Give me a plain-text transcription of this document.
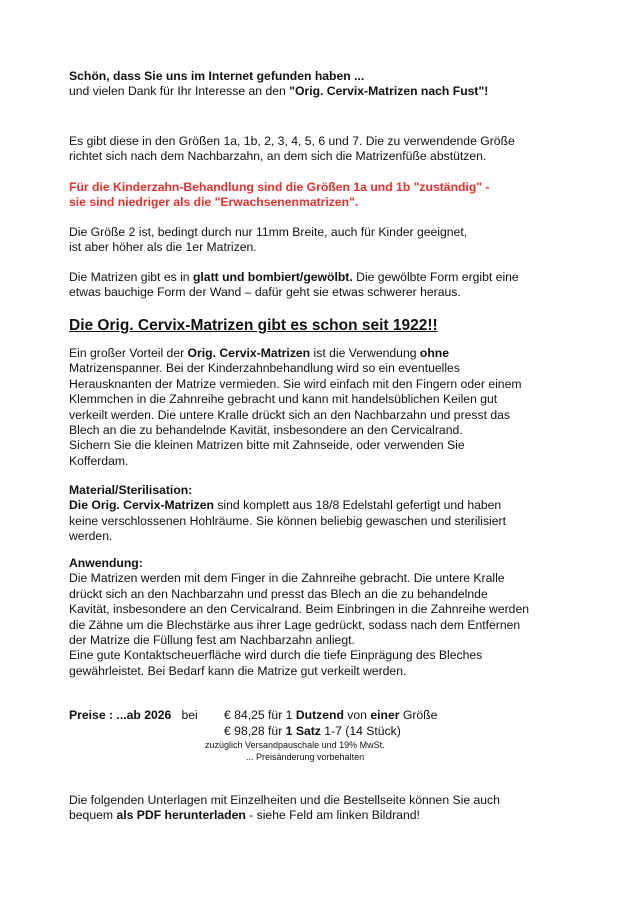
Schön, dass Sie uns im Internet gefunden haben ...
und vielen Dank für Ihr Interesse an den "Orig. Cervix-Matrizen nach Fust"!

Es gibt diese in den Größen 1a, 1b, 2, 3, 4, 5, 6 und 7. Die zu verwendende Größe
richtet sich nach dem Nachbarzahn, an dem sich die Matrizenfüße abstützen.

Für die Kinderzahn-Behandlung sind die Größen 1a und 1b "zuständig" -
sie sind niedriger als die "Erwachsenenmatrizen".

Die Größe 2 ist, bedingt durch nur 11mm Breite, auch für Kinder geeignet,
ist aber höher als die 1er Matrizen.

Die Matrizen gibt es in glatt und bombiert/gewölbt. Die gewölbte Form ergibt eine
etwas bauchige Form der Wand – dafür geht sie etwas schwerer heraus.

Die Orig. Cervix-Matrizen gibt es schon seit 1922!!

Ein großer Vorteil der Orig. Cervix-Matrizen ist die Verwendung ohne
Matrizenspanner. Bei der Kinderzahnbehandlung wird so ein eventuelles
Herausknanten der Matrize vermieden. Sie wird einfach mit den Fingern oder einem
Klemmchen in die Zahnreihe gebracht und kann mit handelsüblichen Keilen gut
verkeilt werden. Die untere Kralle drückt sich an den Nachbarzahn und presst das
Blech an die zu behandelnde Kavität, insbesondere an den Cervicalrand.
Sichern Sie die kleinen Matrizen bitte mit Zahnseide, oder verwenden Sie
Kofferdam.

Material/Sterilisation:
Die Orig. Cervix-Matrizen sind komplett aus 18/8 Edelstahl gefertigt und haben
keine verschlossenen Hohlräume. Sie können beliebig gewaschen und sterilisiert
werden.

Anwendung:
Die Matrizen werden mit dem Finger in die Zahnreihe gebracht. Die untere Kralle
drückt sich an den Nachbarzahn und presst das Blech an die zu behandelnde
Kavität, insbesondere an den Cervicalrand. Beim Einbringen in die Zahnreihe werden
die Zähne um die Blechstärke aus ihrer Lage gedrückt, sodass nach dem Entfernen
der Matrize die Füllung fest am Nachbarzahn anliegt.
Eine gute Kontaktscheuerfläche wird durch die tiefe Einprägung des Bleches
gewährleistet. Bei Bedarf kann die Matrize gut verkeilt werden.

Preise : ...ab 2026 bei € 84,25 für 1 Dutzend von einer Größe
€ 98,28 für 1 Satz 1-7 (14 Stück)
zuzüglich Versandpauschale und 19% MwSt.
... Preisänderung vorbehalten

Die folgenden Unterlagen mit Einzelheiten und die Bestellseite können Sie auch
bequem als PDF herunterladen - siehe Feld am linken Bildrand!
